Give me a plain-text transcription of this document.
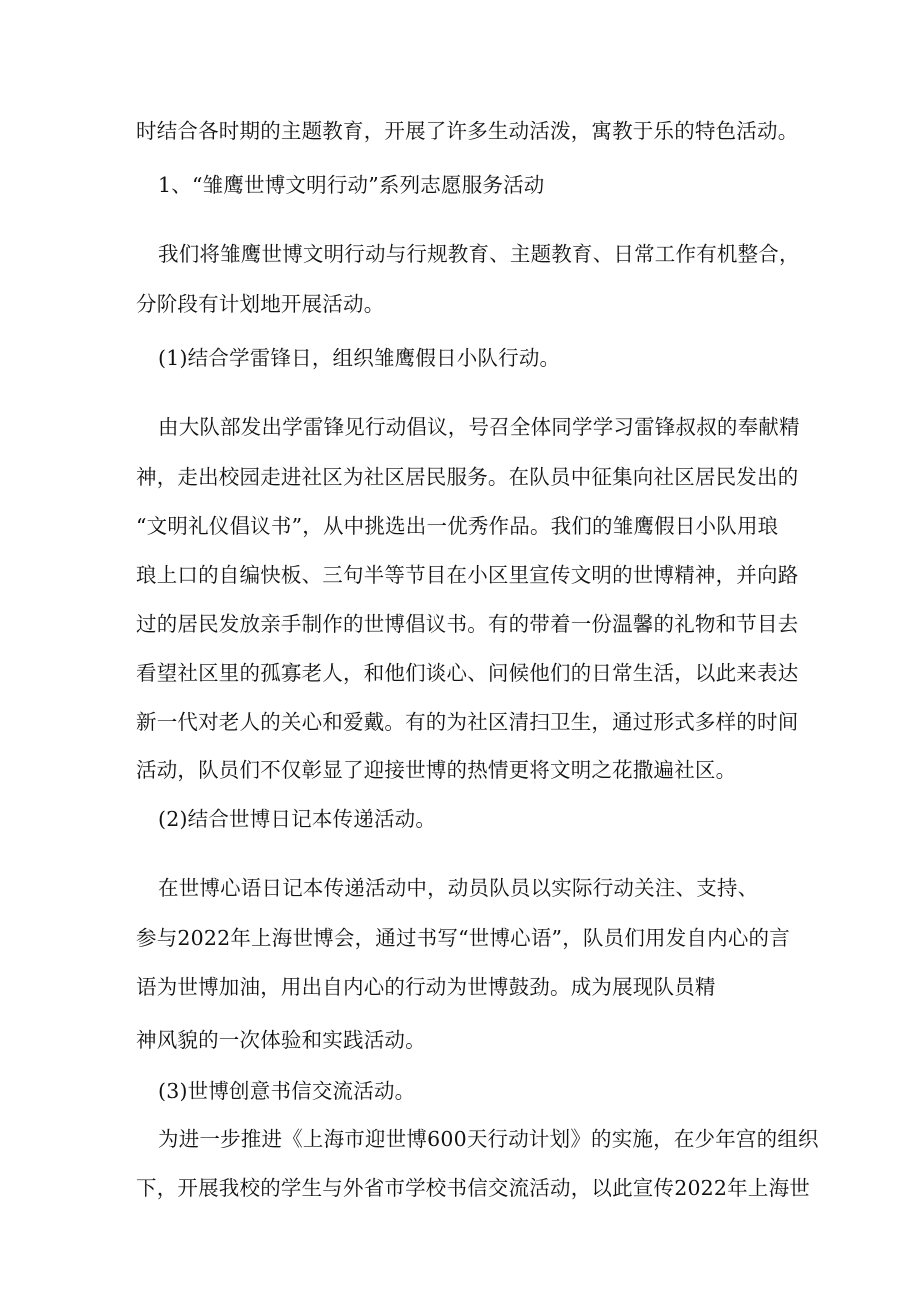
时结合各时期的主题教育，开展了许多生动活泼，寓教于乐的特色活动。
1、“雏鹰世博文明行动”系列志愿服务活动
我们将雏鹰世博文明行动与行规教育、主题教育、日常工作有机整合，
分阶段有计划地开展活动。
(1)结合学雷锋日，组织雏鹰假日小队行动。
由大队部发出学雷锋见行动倡议，号召全体同学学习雷锋叔叔的奉献精
神，走出校园走进社区为社区居民服务。在队员中征集向社区居民发出的
“文明礼仪倡议书”，从中挑选出一优秀作品。我们的雏鹰假日小队用琅
琅上口的自编快板、三句半等节目在小区里宣传文明的世博精神，并向路
过的居民发放亲手制作的世博倡议书。有的带着一份温馨的礼物和节目去
看望社区里的孤寡老人，和他们谈心、问候他们的日常生活，以此来表达
新一代对老人的关心和爱戴。有的为社区清扫卫生，通过形式多样的时间
活动，队员们不仅彰显了迎接世博的热情更将文明之花撒遍社区。
(2)结合世博日记本传递活动。
在世博心语日记本传递活动中，动员队员以实际行动关注、支持、
参与2022年上海世博会，通过书写“世博心语”，队员们用发自内心的言
语为世博加油，用出自内心的行动为世博鼓劲。成为展现队员精
神风貌的一次体验和实践活动。
(3)世博创意书信交流活动。
为进一步推进《上海市迎世博600天行动计划》的实施，在少年宫的组织
下，开展我校的学生与外省市学校书信交流活动，以此宣传2022年上海世
